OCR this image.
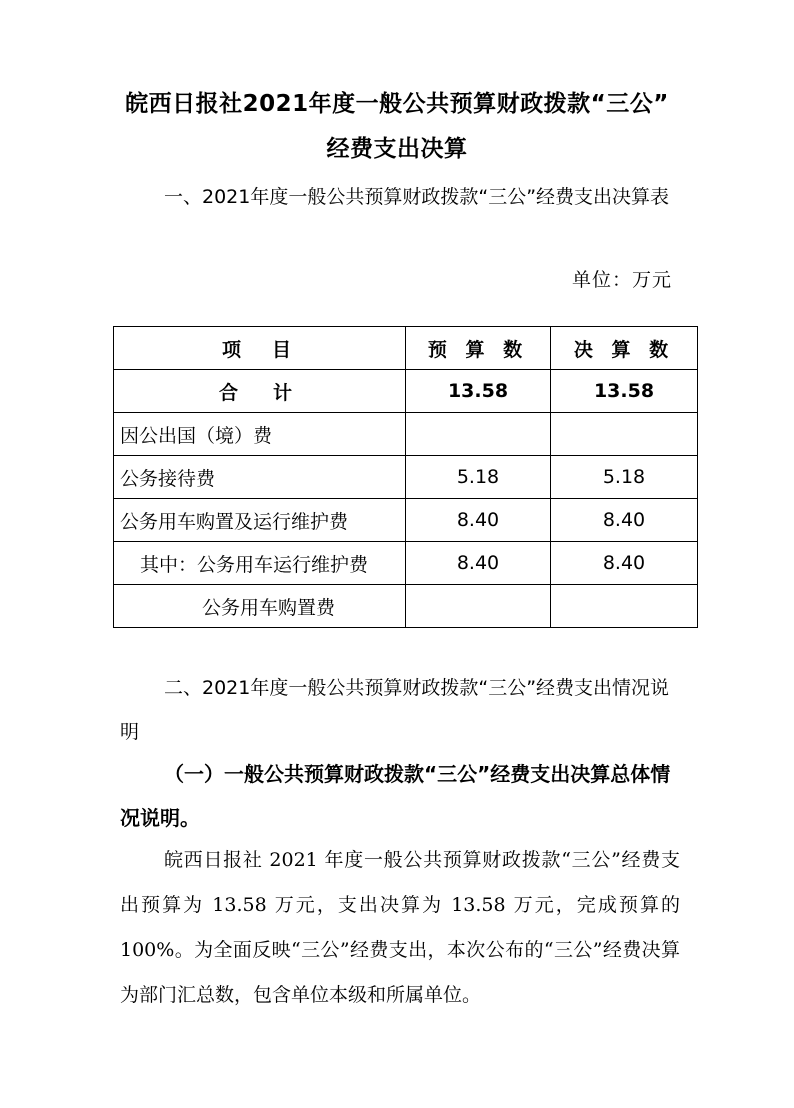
皖西日报社2021年度一般公共预算财政拨款“三公”
经费支出决算
一、2021年度一般公共预算财政拨款“三公”经费支出决算表
单位：万元
项　目	预 算 数	决 算 数
合　计	13.58	13.58
因公出国（境）费		
公务接待费	5.18	5.18
公务用车购置及运行维护费	8.40	8.40
其中：公务用车运行维护费	8.40	8.40
公务用车购置费		
二、2021年度一般公共预算财政拨款“三公”经费支出情况说明
（一）一般公共预算财政拨款“三公”经费支出决算总体情况说明。
皖西日报社 2021 年度一般公共预算财政拨款“三公”经费支出预算为 13.58 万元，支出决算为 13.58 万元，完成预算的 100%。为全面反映“三公”经费支出，本次公布的“三公”经费决算为部门汇总数，包含单位本级和所属单位。
